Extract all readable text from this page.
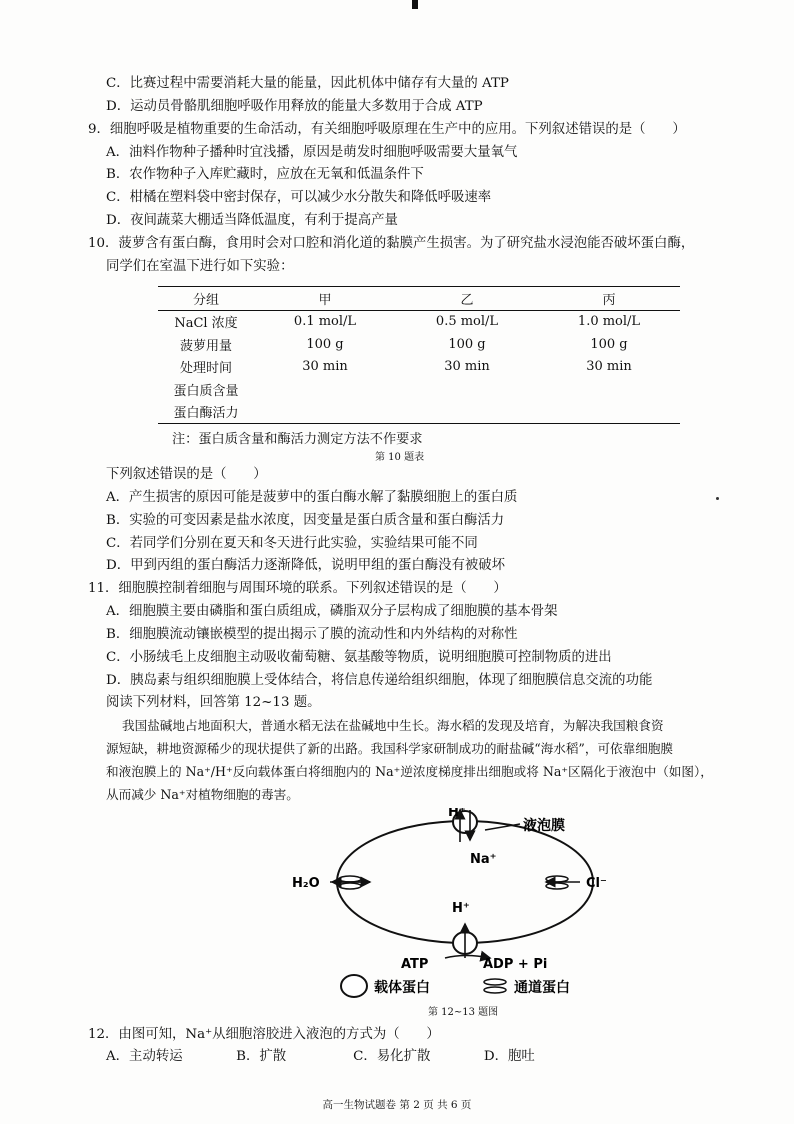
C．比赛过程中需要消耗大量的能量，因此机体中储存有大量的 ATP
D．运动员骨骼肌细胞呼吸作用释放的能量大多数用于合成 ATP
9．细胞呼吸是植物重要的生命活动，有关细胞呼吸原理在生产中的应用。下列叙述错误的是（　　）
A．油料作物种子播种时宜浅播，原因是萌发时细胞呼吸需要大量氧气
B．农作物种子入库贮藏时，应放在无氧和低温条件下
C．柑橘在塑料袋中密封保存，可以减少水分散失和降低呼吸速率
D．夜间蔬菜大棚适当降低温度，有利于提高产量
10．菠萝含有蛋白酶，食用时会对口腔和消化道的黏膜产生损害。为了研究盐水浸泡能否破坏蛋白酶，
同学们在室温下进行如下实验：
分组	甲	乙	丙
NaCl 浓度	0.1 mol/L	0.5 mol/L	1.0 mol/L
菠萝用量	100 g	100 g	100 g
处理时间	30 min	30 min	30 min
蛋白质含量			
蛋白酶活力			
注：蛋白质含量和酶活力测定方法不作要求
第 10 题表
下列叙述错误的是（　　）
A．产生损害的原因可能是菠萝中的蛋白酶水解了黏膜细胞上的蛋白质
B．实验的可变因素是盐水浓度，因变量是蛋白质含量和蛋白酶活力
C．若同学们分别在夏天和冬天进行此实验，实验结果可能不同
D．甲到丙组的蛋白酶活力逐渐降低，说明甲组的蛋白酶没有被破坏
11．细胞膜控制着细胞与周围环境的联系。下列叙述错误的是（　　）
A．细胞膜主要由磷脂和蛋白质组成，磷脂双分子层构成了细胞膜的基本骨架
B．细胞膜流动镶嵌模型的提出揭示了膜的流动性和内外结构的对称性
C．小肠绒毛上皮细胞主动吸收葡萄糖、氨基酸等物质，说明细胞膜可控制物质的进出
D．胰岛素与组织细胞膜上受体结合，将信息传递给组织细胞，体现了细胞膜信息交流的功能
阅读下列材料，回答第 12~13 题。
我国盐碱地占地面积大，普通水稻无法在盐碱地中生长。海水稻的发现及培育，为解决我国粮食资
源短缺，耕地资源稀少的现状提供了新的出路。我国科学家研制成功的耐盐碱“海水稻”，可依靠细胞膜
和液泡膜上的 Na⁺/H⁺反向载体蛋白将细胞内的 Na⁺逆浓度梯度排出细胞或将 Na⁺区隔化于液泡中（如图），
从而减少 Na⁺对植物细胞的毒害。
H⁺
Na⁺
液泡膜
H₂O	Cl⁻
H⁺
ATP	ADP + Pi
载体蛋白	通道蛋白
第 12~13 题图
12．由图可知，Na⁺从细胞溶胶进入液泡的方式为（　　）
A．主动转运　　　　B．扩散　　　　　C．易化扩散　　　　D．胞吐
高一生物试题卷 第 2 页 共 6 页
